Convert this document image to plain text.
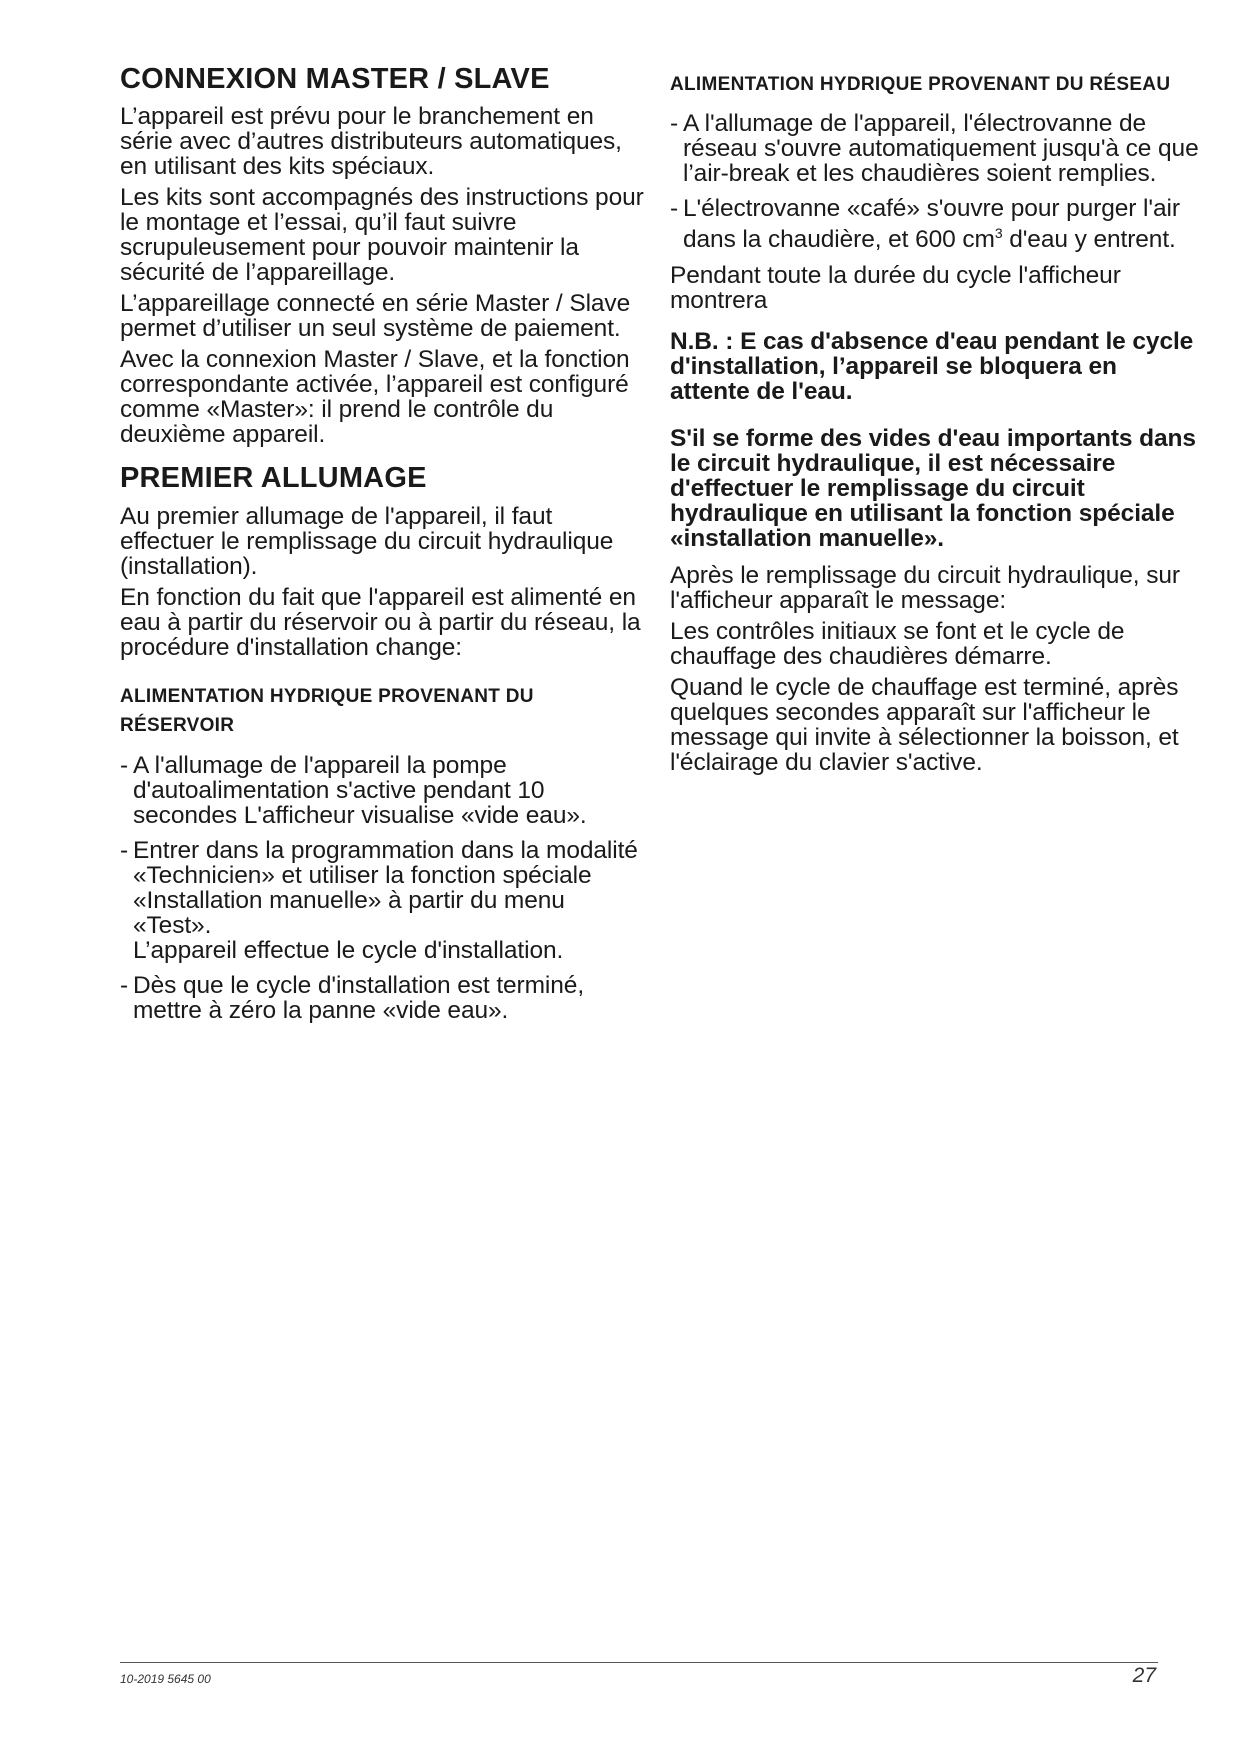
CONNEXION MASTER / SLAVE

L’appareil est prévu pour le branchement en série avec d’autres distributeurs automatiques, en utilisant des kits spéciaux.

Les kits sont accompagnés des instructions pour le montage et l’essai, qu’il faut suivre scrupuleusement pour pouvoir maintenir la sécurité de l’appareillage.

L’appareillage connecté en série Master / Slave permet d’utiliser un seul système de paiement.

Avec la connexion Master / Slave, et la fonction correspondante activée, l’appareil est configuré comme «Master»: il prend le contrôle du deuxième appareil.

PREMIER ALLUMAGE

Au premier allumage de l'appareil, il faut effectuer le remplissage du circuit hydraulique (installation).

En fonction du fait que l'appareil est alimenté en eau à partir du réservoir ou à partir du réseau, la procédure d'installation change:

ALIMENTATION HYDRIQUE PROVENANT DU RÉSERVOIR
- A l'allumage de l'appareil la pompe d'autoalimentation s'active pendant 10 secondes L'afficheur visualise «vide eau».
- Entrer dans la programmation dans la modalité «Technicien» et utiliser la fonction spéciale «Installation manuelle» à partir du menu «Test».
L’appareil effectue le cycle d'installation.
- Dès que le cycle d'installation est terminé, mettre à zéro la panne «vide eau».
ALIMENTATION HYDRIQUE PROVENANT DU RÉSEAU
- A l'allumage de l'appareil, l'électrovanne de réseau s'ouvre automatiquement jusqu'à ce que l’air-break et les chaudières soient remplies.
- L'électrovanne «café» s'ouvre pour purger l'air dans la chaudière, et 600 $cm^3$ d'eau y entrent.

Pendant toute la durée du cycle l'afficheur montrera

N.B. : E cas d'absence d'eau pendant le cycle d'installation, l’appareil se bloquera en attente de l'eau.

S'il se forme des vides d'eau importants dans le circuit hydraulique, il est nécessaire d'effectuer le remplissage du circuit hydraulique en utilisant la fonction spéciale «installation manuelle».

Après le remplissage du circuit hydraulique, sur l'afficheur apparaît le message:

Les contrôles initiaux se font et le cycle de chauffage des chaudières démarre.

Quand le cycle de chauffage est terminé, après quelques secondes apparaît sur l'afficheur le message qui invite à sélectionner la boisson, et l'éclairage du clavier s'active.

10-2019 5645 00	27
